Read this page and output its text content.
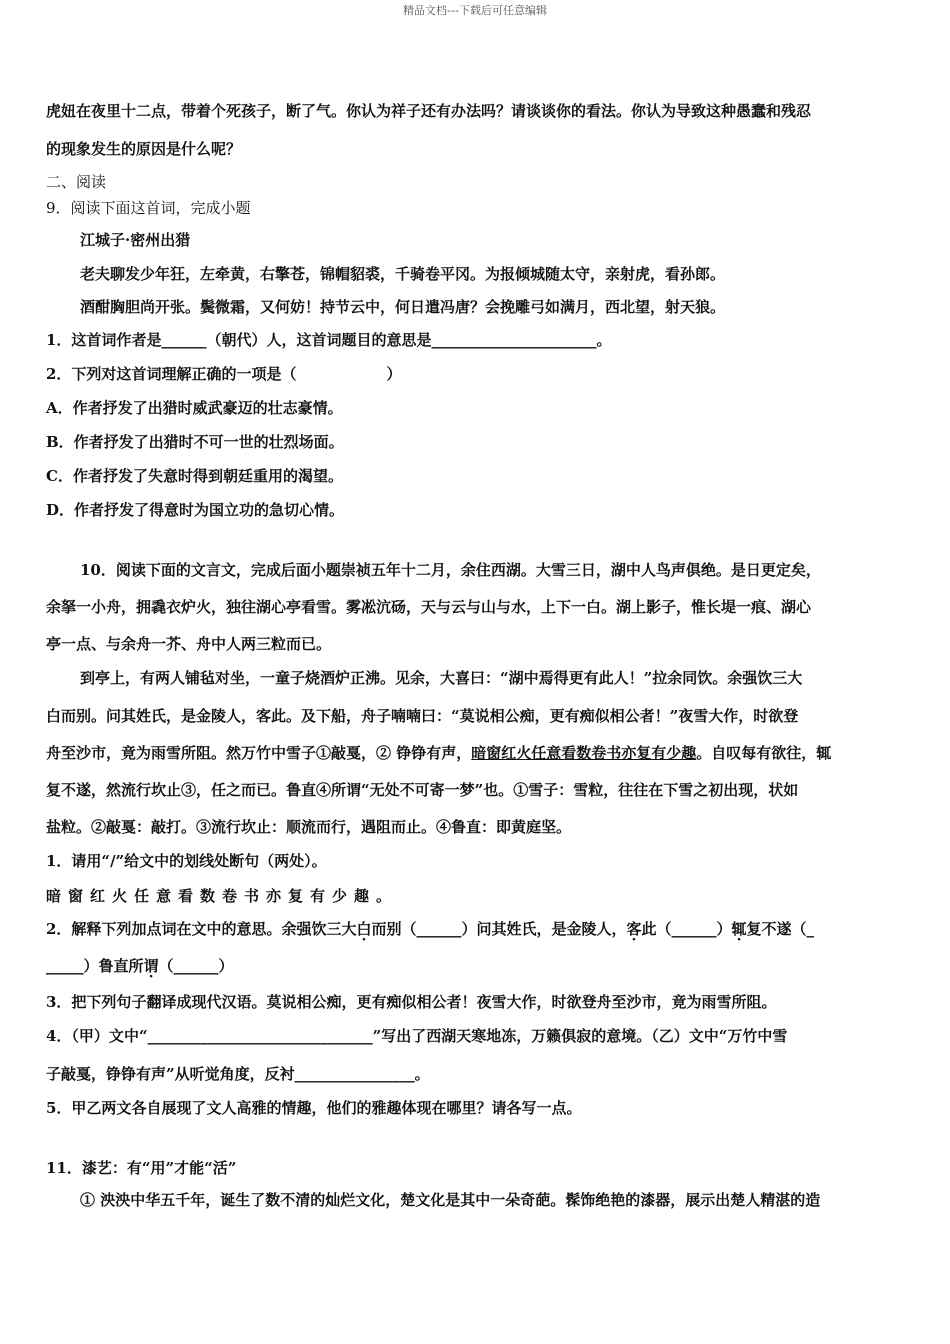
精品文档---下载后可任意编辑
虎妞在夜里十二点，带着个死孩子，断了气。你认为祥子还有办法吗？请谈谈你的看法。你认为导致这种愚蠢和残忍
的现象发生的原因是什么呢？
二、阅读
9．阅读下面这首词，完成小题
江城子·密州出猎
老夫聊发少年狂，左牵黄，右擎苍，锦帽貂裘，千骑卷平冈。为报倾城随太守，亲射虎，看孙郎。
酒酣胸胆尚开张。鬓微霜，又何妨！持节云中，何日遣冯唐？会挽雕弓如满月，西北望，射天狼。
1．这首词作者是______（朝代）人，这首词题目的意思是______________________。
2．下列对这首词理解正确的一项是（　　　　　　）
A．作者抒发了出猎时威武豪迈的壮志豪情。
B．作者抒发了出猎时不可一世的壮烈场面。
C．作者抒发了失意时得到朝廷重用的渴望。
D．作者抒发了得意时为国立功的急切心情。
10．阅读下面的文言文，完成后面小题崇祯五年十二月，余住西湖。大雪三日，湖中人鸟声俱绝。是日更定矣，
余拏一小舟，拥毳衣炉火，独往湖心亭看雪。雾凇沆砀，天与云与山与水，上下一白。湖上影子，惟长堤一痕、湖心
亭一点、与余舟一芥、舟中人两三粒而已。
到亭上，有两人铺毡对坐，一童子烧酒炉正沸。见余，大喜曰：“湖中焉得更有此人！”拉余同饮。余强饮三大
白而别。问其姓氏，是金陵人，客此。及下船，舟子喃喃曰：“莫说相公痴，更有痴似相公者！”夜雪大作，时欲登
舟至沙市，竟为雨雪所阻。然万竹中雪子①敲戛，② 铮铮有声，暗窗红火任意看数卷书亦复有少趣。自叹每有欲往，辄
复不遂，然流行坎止③，任之而已。鲁直④所谓“无处不可寄一梦”也。①雪子：雪粒，往往在下雪之初出现，状如
盐粒。②敲戛：敲打。③流行坎止：顺流而行，遇阻而止。④鲁直：即黄庭坚。
1．请用“/”给文中的划线处断句（两处）。
暗窗红火任意看数卷书亦复有少趣。
2．解释下列加点词在文中的意思。余强饮三大白而别（______）问其姓氏，是金陵人，客此（______）辄复不遂（_
_____）鲁直所谓（______）
3．把下列句子翻译成现代汉语。莫说相公痴，更有痴似相公者！夜雪大作，时欲登舟至沙市，竟为雨雪所阻。
4．（甲）文中“______________________________”写出了西湖天寒地冻，万籁俱寂的意境。（乙）文中“万竹中雪
子敲戛，铮铮有声”从听觉角度，反衬________________。
5．甲乙两文各自展现了文人高雅的情趣，他们的雅趣体现在哪里？请各写一点。
11．漆艺：有“用”才能“活”
① 泱泱中华五千年，诞生了数不清的灿烂文化，楚文化是其中一朵奇葩。髹饰绝艳的漆器，展示出楚人精湛的造
